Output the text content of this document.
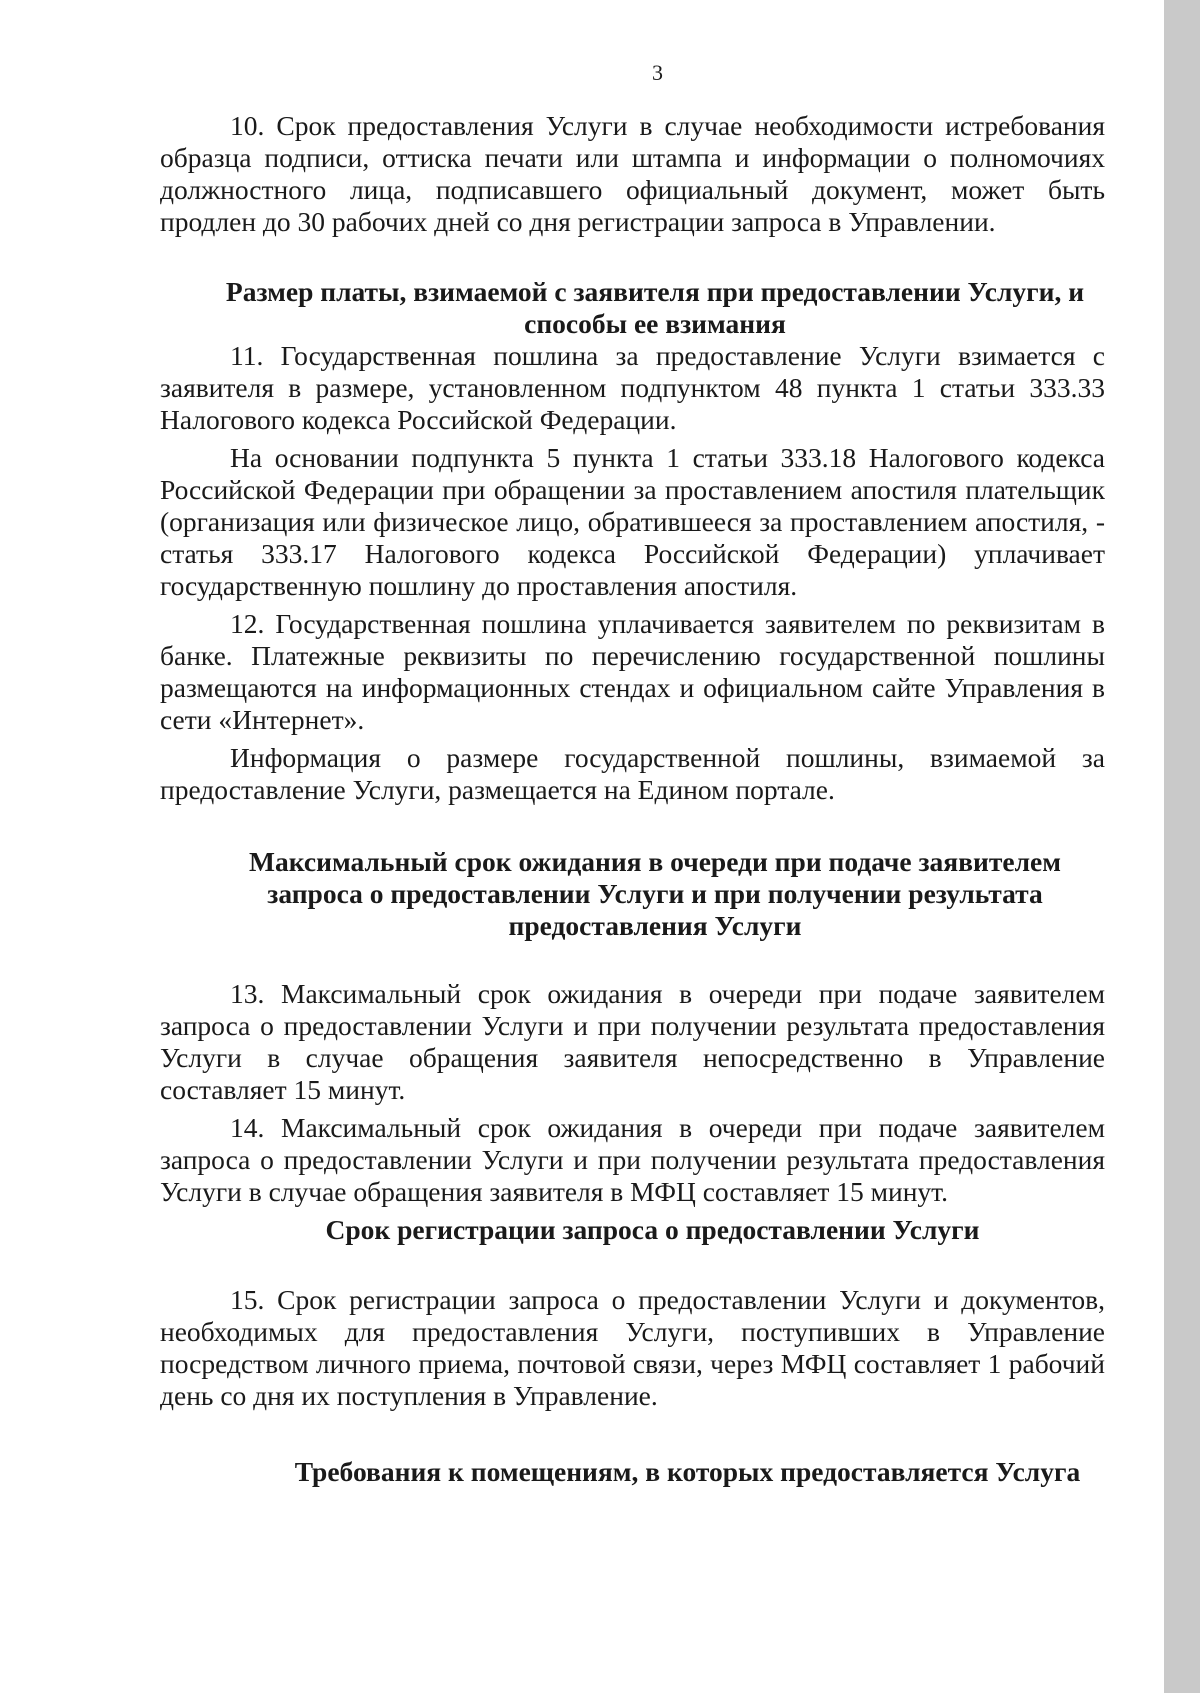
3

10. Срок предоставления Услуги в случае необходимости истребования образца подписи, оттиска печати или штампа и информации о полномочиях должностного лица, подписавшего официальный документ, может быть продлен до 30 рабочих дней со дня регистрации запроса в Управлении.

Размер платы, взимаемой с заявителя при предоставлении Услуги, и способы ее взимания

11. Государственная пошлина за предоставление Услуги взимается с заявителя в размере, установленном подпунктом 48 пункта 1 статьи 333.33 Налогового кодекса Российской Федерации.

На основании подпункта 5 пункта 1 статьи 333.18 Налогового кодекса Российской Федерации при обращении за проставлением апостиля плательщик (организация или физическое лицо, обратившееся за проставлением апостиля, - статья 333.17 Налогового кодекса Российской Федерации) уплачивает государственную пошлину до проставления апостиля.

12. Государственная пошлина уплачивается заявителем по реквизитам в банке. Платежные реквизиты по перечислению государственной пошлины размещаются на информационных стендах и официальном сайте Управления в сети «Интернет».

Информация о размере государственной пошлины, взимаемой за предоставление Услуги, размещается на Едином портале.

Максимальный срок ожидания в очереди при подаче заявителем запроса о предоставлении Услуги и при получении результата предоставления Услуги

13. Максимальный срок ожидания в очереди при подаче заявителем запроса о предоставлении Услуги и при получении результата предоставления Услуги в случае обращения заявителя непосредственно в Управление составляет 15 минут.

14. Максимальный срок ожидания в очереди при подаче заявителем запроса о предоставлении Услуги и при получении результата предоставления Услуги в случае обращения заявителя в МФЦ составляет 15 минут.

Срок регистрации запроса о предоставлении Услуги

15. Срок регистрации запроса о предоставлении Услуги и документов, необходимых для предоставления Услуги, поступивших в Управление посредством личного приема, почтовой связи, через МФЦ составляет 1 рабочий день со дня их поступления в Управление.

Требования к помещениям, в которых предоставляется Услуга
